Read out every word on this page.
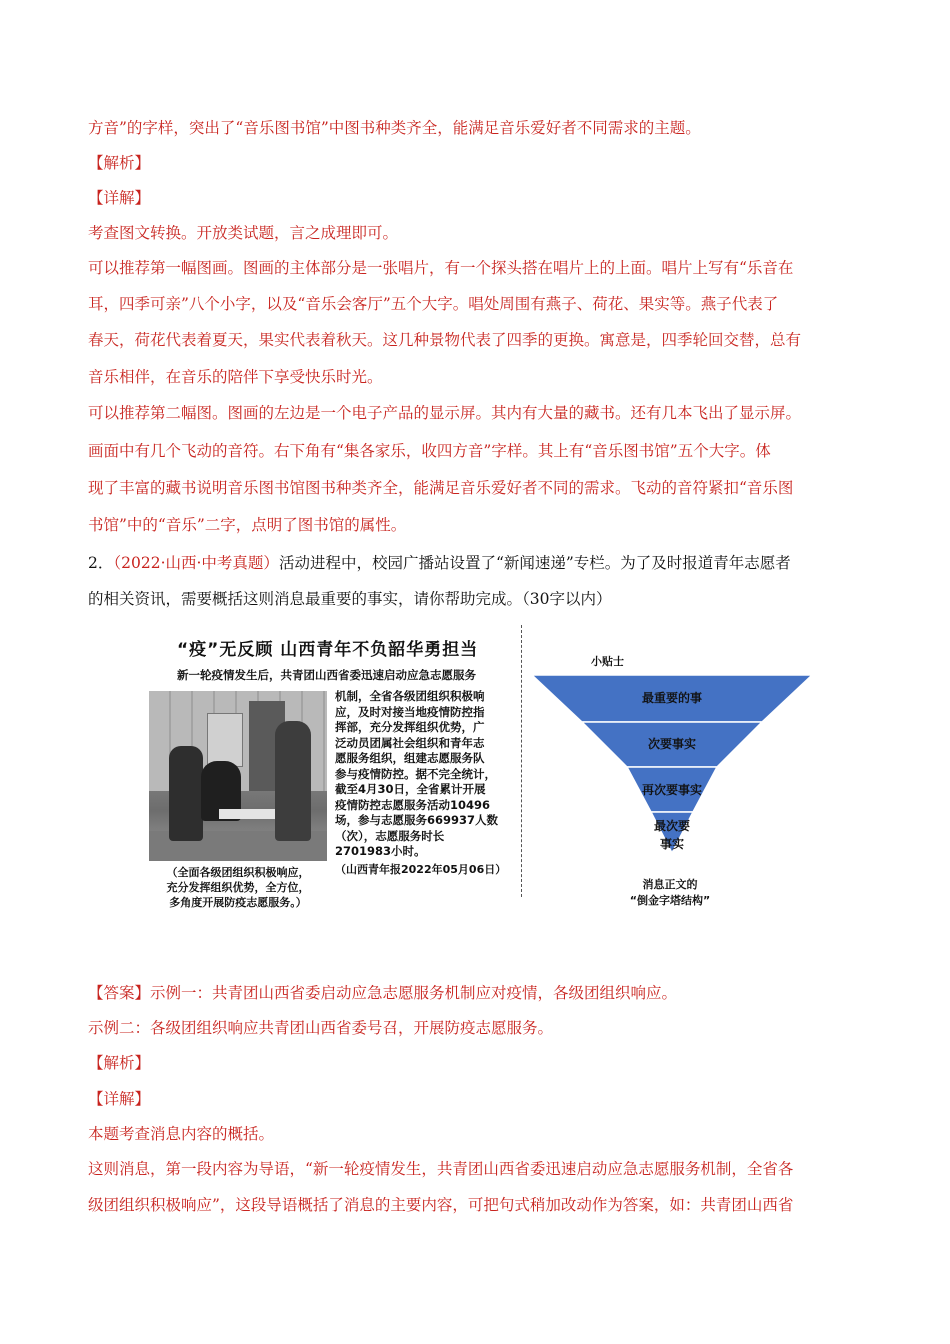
方音”的字样，突出了“音乐图书馆”中图书种类齐全，能满足音乐爱好者不同需求的主题。
【解析】
【详解】
考查图文转换。开放类试题，言之成理即可。
可以推荐第一幅图画。图画的主体部分是一张唱片，有一个探头搭在唱片上的上面。唱片上写有“乐音在
耳，四季可亲”八个小字，以及“音乐会客厅”五个大字。唱处周围有燕子、荷花、果实等。燕子代表了
春天，荷花代表着夏天，果实代表着秋天。这几种景物代表了四季的更换。寓意是，四季轮回交替，总有
音乐相伴，在音乐的陪伴下享受快乐时光。
可以推荐第二幅图。图画的左边是一个电子产品的显示屏。其内有大量的藏书。还有几本飞出了显示屏。
画面中有几个飞动的音符。右下角有“集各家乐，收四方音”字样。其上有“音乐图书馆”五个大字。体
现了丰富的藏书说明音乐图书馆图书种类齐全，能满足音乐爱好者不同的需求。飞动的音符紧扣“音乐图
书馆”中的“音乐”二字，点明了图书馆的属性。
2．（2022·山西·中考真题）活动进程中，校园广播站设置了“新闻速递”专栏。为了及时报道青年志愿者
的相关资讯，需要概括这则消息最重要的事实，请你帮助完成。（30字以内）
“疫”无反顾 山西青年不负韶华勇担当
新一轮疫情发生后，共青团山西省委迅速启动应急志愿服务
机制，全省各级团组织积极响
应，及时对接当地疫情防控指
挥部，充分发挥组织优势，广
泛动员团属社会组织和青年志
愿服务组织，组建志愿服务队
参与疫情防控。据不完全统计，
截至4月30日，全省累计开展
疫情防控志愿服务活动10496
场，参与志愿服务669937人数
（次），志愿服务时长
2701983小时。
（全面各级团组织积极响应，
充分发挥组织优势，全方位，
多角度开展防疫志愿服务。）
（山西青年报2022年05月06日）
小贴士
最重要的事
次要事实
再次要事实
最次要
事实
消息正文的
“倒金字塔结构”
【答案】示例一：共青团山西省委启动应急志愿服务机制应对疫情，各级团组织响应。
示例二：各级团组织响应共青团山西省委号召，开展防疫志愿服务。
【解析】
【详解】
本题考查消息内容的概括。
这则消息，第一段内容为导语，“新一轮疫情发生，共青团山西省委迅速启动应急志愿服务机制，全省各
级团组织积极响应”，这段导语概括了消息的主要内容，可把句式稍加改动作为答案，如：共青团山西省
